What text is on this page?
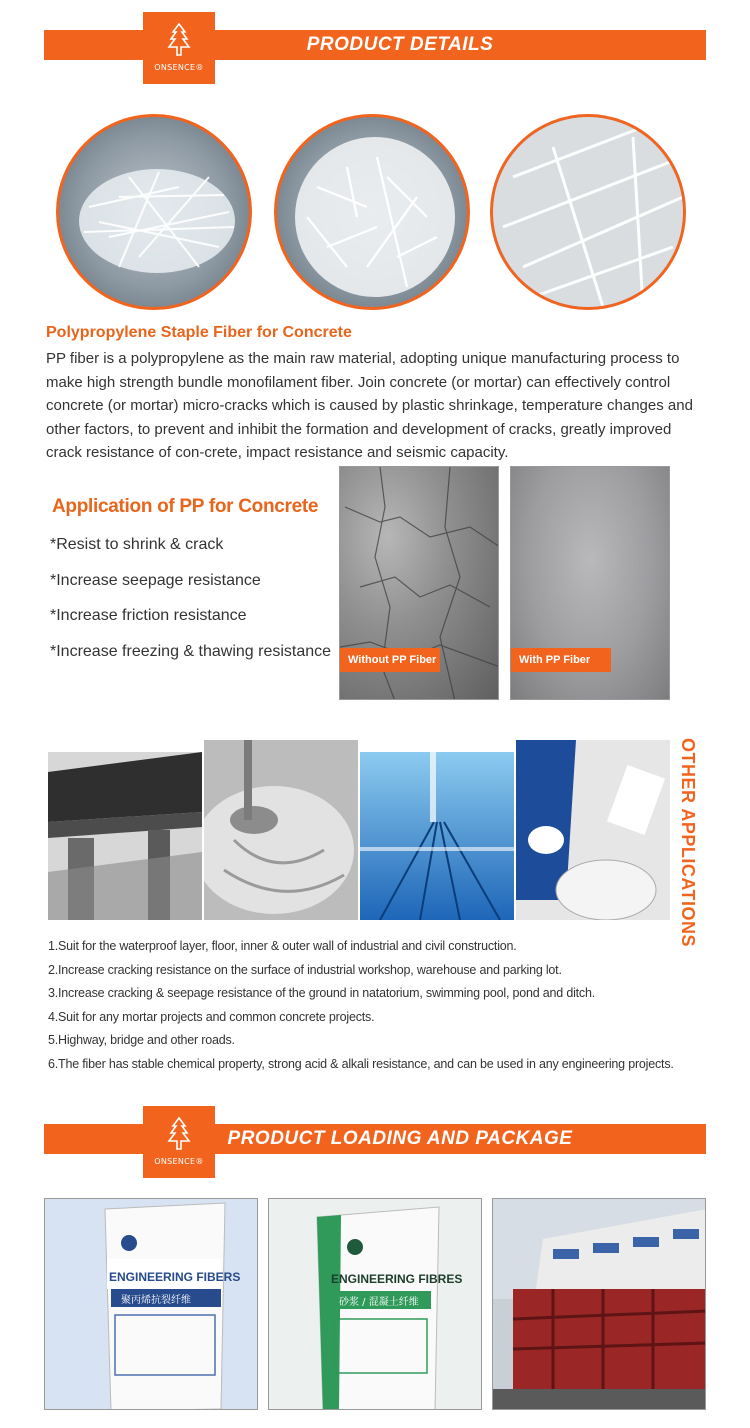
PRODUCT DETAILS
ONSENCE®
Polypropylene Staple Fiber for Concrete

PP fiber is a polypropylene as the main raw material, adopting unique manufacturing process to make high strength bundle monofilament fiber. Join concrete (or mortar) can effectively control concrete (or mortar) micro-cracks which is caused by plastic shrinkage, temperature changes and other factors, to prevent and inhibit the formation and development of cracks, greatly improved crack resistance of con-crete, impact resistance and seismic capacity.

Application of PP for Concrete
*Resist to shrink & crack
*Increase seepage resistance
*Increase friction resistance
*Increase freezing & thawing resistance
Without PP Fiber	With PP Fiber
OTHER APPLICATIONS
1.Suit for the waterproof layer, floor, inner & outer wall of industrial and civil construction.
2.Increase cracking resistance on the surface of industrial workshop, warehouse and parking lot.
3.Increase cracking & seepage resistance of the ground in natatorium, swimming pool, pond and ditch.
4.Suit for any mortar projects and common concrete projects.
5.Highway, bridge and other roads.
6.The fiber has stable chemical property, strong acid & alkali resistance, and can be used in any engineering projects.
PRODUCT LOADING AND PACKAGE
ONSENCE®
ENGINEERING FIBERS
聚丙烯抗裂纤维
ENGINEERING FIBRES
砂浆 / 混凝土纤维
